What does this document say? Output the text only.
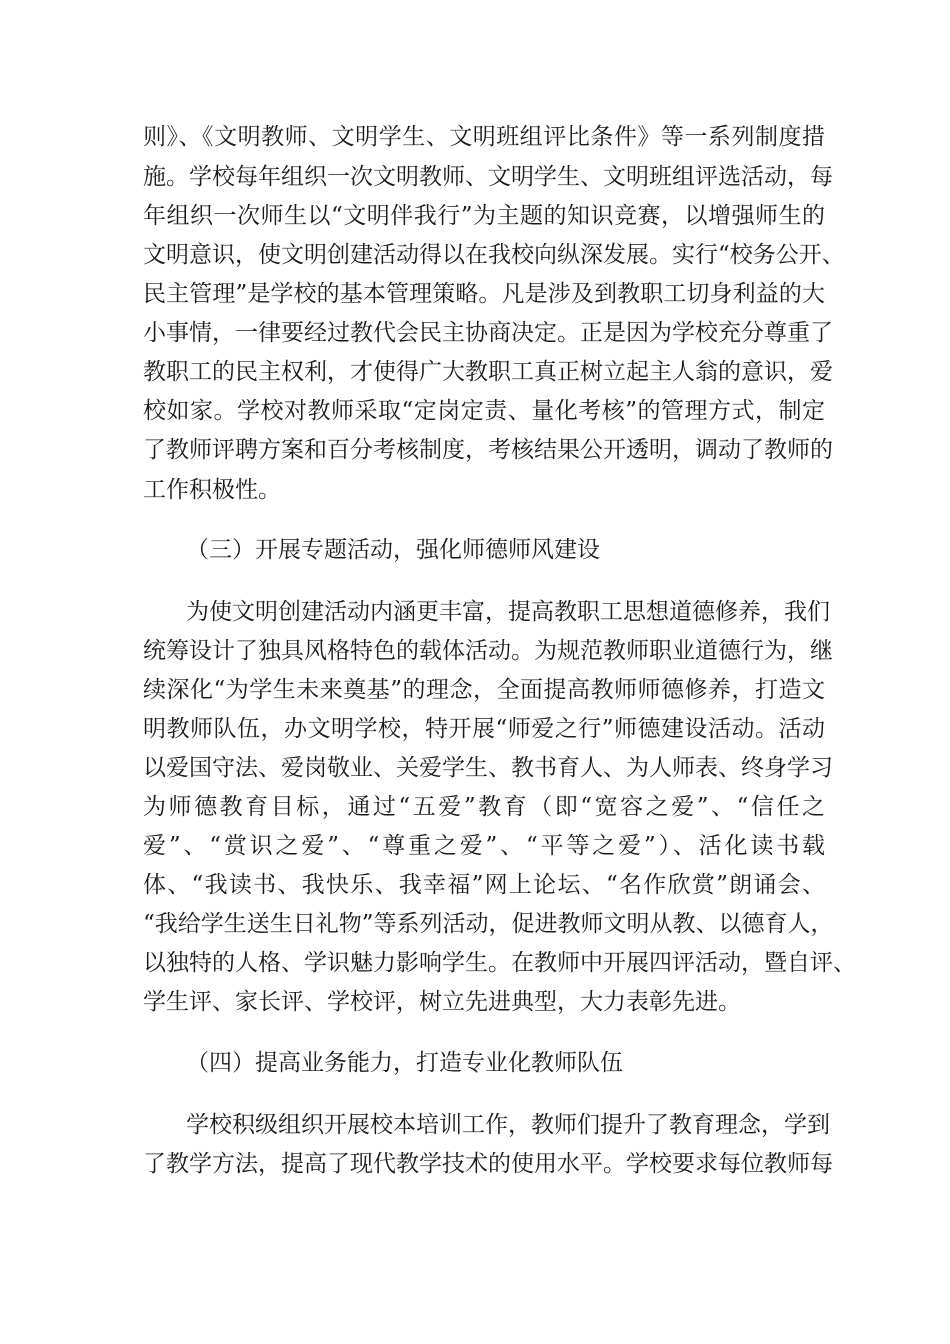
则》、《文明教师、文明学生、文明班组评比条件》等一系列制度措
施。学校每年组织一次文明教师、文明学生、文明班组评选活动，每
年组织一次师生以“文明伴我行”为主题的知识竞赛，以增强师生的
文明意识，使文明创建活动得以在我校向纵深发展。实行“校务公开、
民主管理”是学校的基本管理策略。凡是涉及到教职工切身利益的大
小事情，一律要经过教代会民主协商决定。正是因为学校充分尊重了
教职工的民主权利，才使得广大教职工真正树立起主人翁的意识，爱
校如家。学校对教师采取“定岗定责、量化考核”的管理方式，制定
了教师评聘方案和百分考核制度，考核结果公开透明，调动了教师的
工作积极性。
（三）开展专题活动，强化师德师风建设
为使文明创建活动内涵更丰富，提高教职工思想道德修养，我们
统筹设计了独具风格特色的载体活动。为规范教师职业道德行为，继
续深化“为学生未来奠基”的理念，全面提高教师师德修养，打造文
明教师队伍，办文明学校，特开展“师爱之行”师德建设活动。活动
以爱国守法、爱岗敬业、关爱学生、教书育人、为人师表、终身学习
为师德教育目标，通过“五爱”教育（即“宽容之爱”、“信任之
爱”、“赏识之爱”、“尊重之爱”、“平等之爱”）、活化读书载
体、“我读书、我快乐、我幸福”网上论坛、“名作欣赏”朗诵会、
“我给学生送生日礼物”等系列活动，促进教师文明从教、以德育人，
以独特的人格、学识魅力影响学生。在教师中开展四评活动，暨自评、
学生评、家长评、学校评，树立先进典型，大力表彰先进。
（四）提高业务能力，打造专业化教师队伍
学校积级组织开展校本培训工作，教师们提升了教育理念，学到
了教学方法，提高了现代教学技术的使用水平。学校要求每位教师每
